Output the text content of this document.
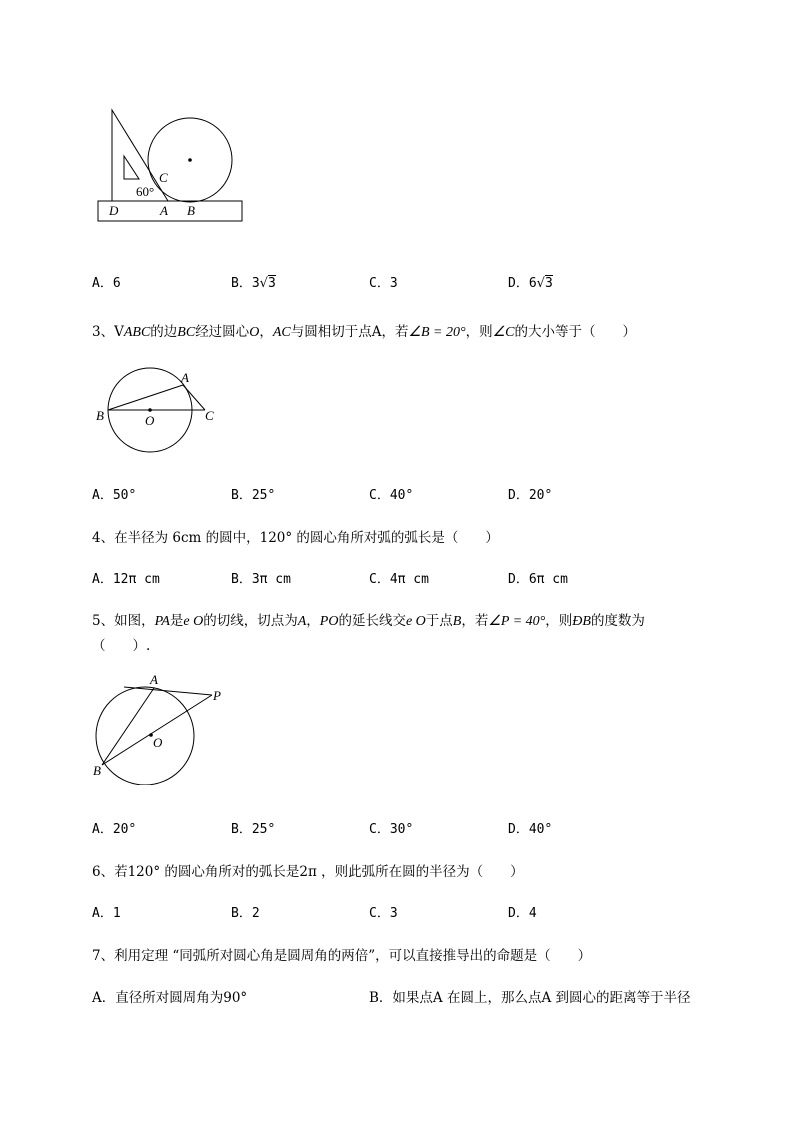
C
60°
D	A B
A．6	B．3√3	C．3	D．6√3
3、VABC的边BC经过圆心O，AC与圆相切于点A，若∠B = 20°，则∠C的大小等于（　　）
A
B	O	C
A．50°	B．25°	C．40°	D．20°
4、在半径为 6cm 的圆中，120° 的圆心角所对弧的弧长是（　　）
A．12π cm	B．3π cm	C．4π cm	D．6π cm
5、如图，PA是e O的切线，切点为A，PO的延长线交e O于点B，若∠P = 40°，则ÐB的度数为
（　　）.
A
P
O
B
A．20°	B．25°	C．30°	D．40°
6、若120° 的圆心角所对的弧长是2π ，则此弧所在圆的半径为（　　）
A．1	B．2	C．3	D．4
7、利用定理 “同弧所对圆心角是圆周角的两倍”，可以直接推导出的命题是（　　）
A．直径所对圆周角为90°	B．如果点A 在圆上，那么点A 到圆心的距离等于半径
